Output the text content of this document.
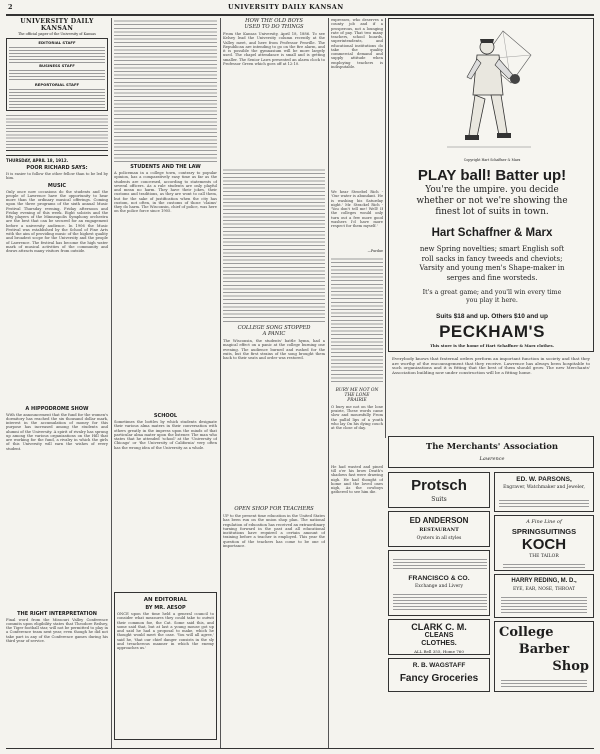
2	UNIVERSITY DAILY KANSAN
UNIVERSITY DAILY KANSAN
The official paper of the University of Kansas
EDITORIAL STAFF
BUSINESS STAFF
REPORTORIAL STAFF
THURSDAY, APRIL 18, 1912.
POOR RICHARD SAYS:
It is easier to follow the other fellow than to be led by him.
MUSIC
Only once now occasions do the students and the people of Lawrence have the opportunity to hear more than the ordinary musical offerings. Coming upon the three programs of the sixth annual Music Festival Thursday evening, Friday afternoon and Friday evening of this week. Eight soloists and the fifty players of the Minneapolis Symphony orchestra are the best that can be secured for an engagement before a university audience. In 1906 the Music Festival was established by the School of Fine Arts with the aim of providing music of the highest quality and broadest scope for the University and the people of Lawrence. The festival has become the high water mark of musical activities of the community and draws attracts many visitors from outside.
A HIPPODROME SHOW
With the announcement that the fund for the women's dormitory has reached the six thousand dollar mark, interest in the accumulation of money for this purpose has increased among the students and alumni of the University. A spirit of rivalry has sprung up among the various organizations on the Hill that are working for the fund, a rivalry in which the girls of this University will earn the wishes of every student.
THE RIGHT INTERPRETATION
Final word from the Missouri Valley Conference commits upon eligibility states that Theodore Reilsey, the Tiger football star, will not be permitted to play in a Conference team next year, even though he did not take part in any of the Conference games during his third year of service.
STUDENTS AND THE LAW
A policeman in a college town, contrary to popular opinion, has a comparatively easy time as far as the students are concerned, according to statements of several officers. As a rule students are only playful and mean no harm. They have their jokes, their customs and traditions, as they are wont to call them, but for the sake of justification when the city has custom, not often, in the customs of those 'claims' they do harm. The Wisconsin, chief of police, was here on the police force since 1905.
SCHOOL
Sometimes the bottles by which students designate their various alma maters in their conversation with others greatly in the impress upon the minds of that particular alma mater upon the listener. The man who states that he attended 'school' at the 'University of Chicago' or 'the University of California' very often has the wrong idea of the University as a whole.
AN EDITORIAL
BY MR. AESOP
ONCE upon the time held a general council to consider what measures they could take to outwit their common foe, the Cat. Some said this, and some said that, but at last a young mouse got up and said he had a proposal to make, which he thought would meet the case. 'You will all agree,' said he, 'that our chief danger consists in the sly and treacherous manner in which the enemy approaches us.'
HOW THE OLD BOYS
USED TO DO THINGS
From the Kansas University, April 18, 1886. To see Kelsey lead the University column recently at the Valley meet, and here from Professor Penville. The Republican are intending to go on the fire alarm, and it is possible the gymnasium will be more largely used. The chapel attendance is small and is getting smaller. The Senior Laws presented an alarm clock to Professor Green which goes off at 12:10.
COLLEGE SONG STOPPED
A PANIC
The Wisconsin, the students' battle hymn, had a magical effect on a panic at the college burning one evening. The audience burned and rushed for the exits, but the first strains of the song brought them back to their seats and order was restored.
OPEN SHOP FOR TEACHERS
UP to the present time education in the United States has been run on the union shop plan. The national regulation of education has received an extraordinary turning forward in the past and all educational institutions have required a certain amount of training before a teacher is employed. This year the question of the teachers has come to be one of importance.
expresses, who deserves a county job and if a prosperous, not a lounging rate of pay. That two many teachers, school boards, superintendents, and educational institutions do take the quality commercial demand and supply attitude when employing teachers is indisputable.
We hear Stroebel Rich - 'Our water is abundant. He is washing his Saturday night.' Mr. Strackel Rich - 'You don't tell me! Well! If the colleges would only turn out a few more good washers I'd have more respect for them myself.'
—Purdue
BURY ME NOT ON THE LONE
PRAIRIE
O bury me not on the lone prairie, These words came slow and mournfully From the pallid lips of a youth who lay On his dying couch at the close of day.
He had wasted and pined till o'er his brow Death's shadows fast were drawing nigh. He had thought of home and the loved ones nigh, As the cowboys gathered to see him die.
Copyright Hart Schaffner & Marx
PLAY ball! Batter up!
You're the umpire. you decide
whether or not we're showing the
finest lot of suits in town.
Hart Schaffner & Marx
new Spring novelties; smart English soft
roll sacks in fancy tweeds and cheviots;
Varsity and young men's Shape-maker in
serges and fine worsteds.
It's a great game; and you'll win every time you play it here.
Suits $18 and up. Others $10 and up
PECKHAM'S
This store is the home of Hart Schaffner & Marx clothes.
Everybody knows that fraternal orders perform an important function in society and that they are worthy of the encouragement that they receive. Lawrence has always been hospitable to such organizations and it is fitting that the best of them should grow. The new Merchants' Association building now under construction will be a fitting home.
The Merchants' Association
Lawrence
Protsch
Suits
ED ANDERSON
RESTAURANT
Oysters in all styles
FRANCISCO & CO.
Exchange and Livery
CLARK C. M.
CLEANS
CLOTHES.
ALL Bell 355, Home 760
R. B. WAGSTAFF
Fancy Groceries
ED. W. PARSONS,
Engraver, Watchmaker and Jeweler,
A Fine Line of
SPRINGSUITINGS
KOCH
THE TAILOR
HARRY REDING, M. D.,
EYE, EAR, NOSE, THROAT
College
Barber
Shop
